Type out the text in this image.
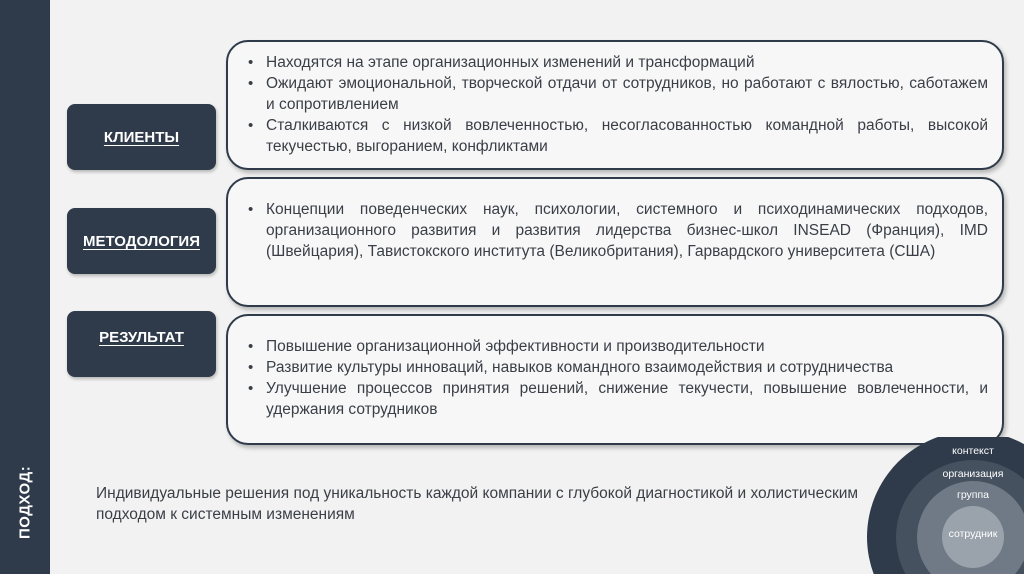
ПОДХОД:
КЛИЕНТЫ
• Находятся на этапе организационных изменений и трансформаций
• Ожидают эмоциональной, творческой отдачи от сотрудников, но работают с вялостью, саботажем и сопротивлением
• Сталкиваются с низкой вовлеченностью, несогласованностью командной работы, высокой текучестью, выгоранием, конфликтами
МЕТОДОЛОГИЯ
• Концепции поведенческих наук, психологии, системного и психодинамических подходов, организационного развития и развития лидерства бизнес-школ INSEAD (Франция), IMD (Швейцария), Тавистокского института (Великобритания), Гарвардского университета (США)
РЕЗУЛЬТАТ
• Повышение организационной эффективности и производительности
• Развитие культуры инноваций, навыков командного взаимодействия и сотрудничества
• Улучшение процессов принятия решений, снижение текучести, повышение вовлеченности, и удержания сотрудников
Индивидуальные решения под уникальность каждой компании с глубокой диагностикой и холистическим подходом к системным изменениям
контекст
организация
группа
сотрудник
